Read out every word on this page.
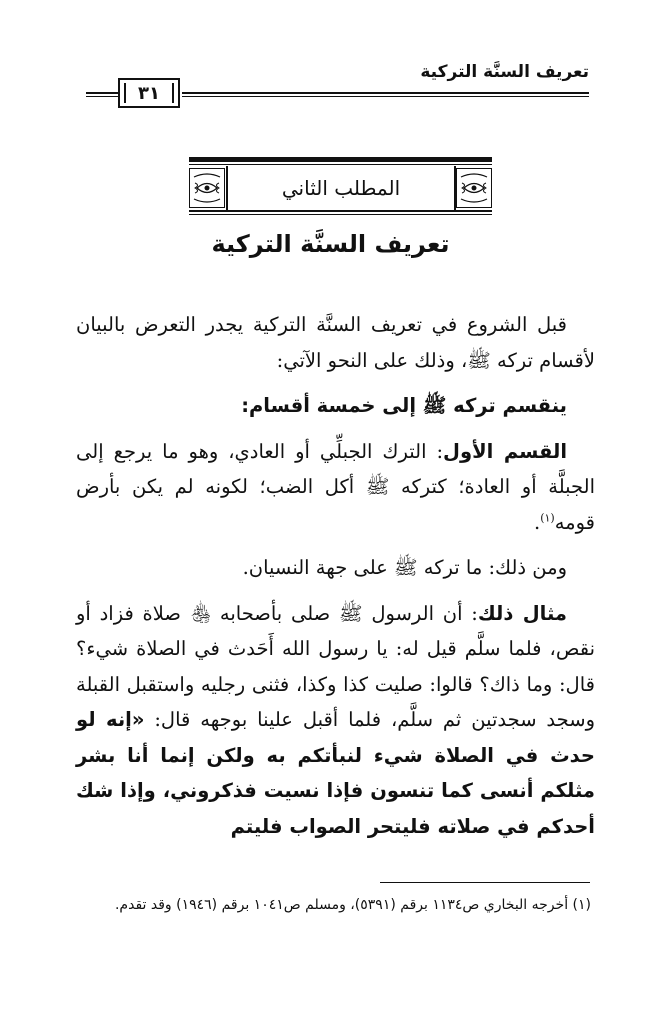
تعريف السنَّة التركية
٣١
المطلب الثاني
تعريف السنَّة التركية

قبل الشروع في تعريف السنَّة التركية يجدر التعرض بالبيان لأقسام تركه ﷺ، وذلك على النحو الآتي:

ينقسم تركه ﷺ إلى خمسة أقسام:

القسم الأول: الترك الجبلِّي أو العادي، وهو ما يرجع إلى الجبلَّة أو العادة؛ كتركه ﷺ أكل الضب؛ لكونه لم يكن بأرض قومه$^{(١)}$.

ومن ذلك: ما تركه ﷺ على جهة النسيان.

مثال ذلك: أن الرسول ﷺ صلى بأصحابه ﵃ صلاة فزاد أو نقص، فلما سلَّم قيل له: يا رسول الله أَحَدث في الصلاة شيء؟ قال: وما ذاك؟ قالوا: صليت كذا وكذا، فثنى رجليه واستقبل القبلة وسجد سجدتين ثم سلَّم، فلما أقبل علينا بوجهه قال: «إنه لو حدث في الصلاة شيء لنبأتكم به ولكن إنما أنا بشر مثلكم أنسى كما تنسون فإذا نسيت فذكروني، وإذا شك أحدكم في صلاته فليتحر الصواب فليتم

(١) أخرجه البخاري ص١١٣٤ برقم (٥٣٩١)، ومسلم ص١٠٤١ برقم (١٩٤٦) وقد تقدم.
